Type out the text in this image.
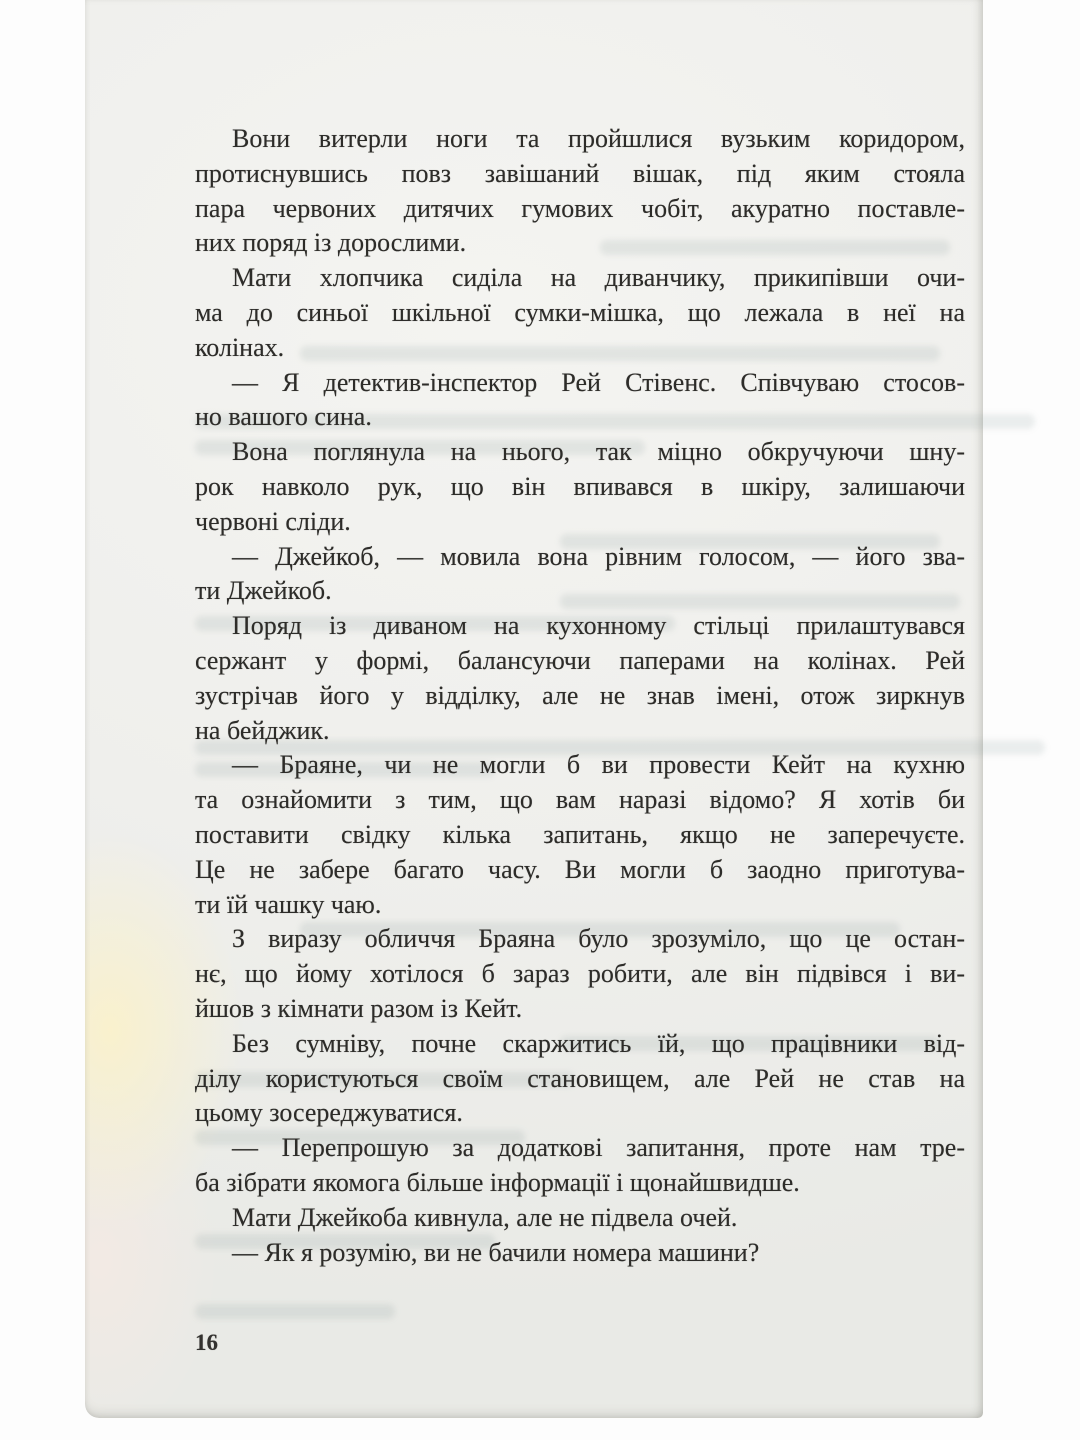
Вони витерли ноги та пройшлися вузьким коридором,
протиснувшись повз завішаний вішак, під яким стояла
пара червоних дитячих гумових чобіт, акуратно поставле-
них поряд із дорослими.
Мати хлопчика сиділа на диванчику, прикипівши очи-
ма до синьої шкільної сумки-мішка, що лежала в неї на
колінах.
— Я детектив-інспектор Рей Стівенс. Співчуваю стосов-
но вашого сина.
Вона поглянула на нього, так міцно обкручуючи шну-
рок навколо рук, що він впивався в шкіру, залишаючи
червоні сліди.
— Джейкоб, — мовила вона рівним голосом, — його зва-
ти Джейкоб.
Поряд із диваном на кухонному стільці прилаштувався
сержант у формі, балансуючи паперами на колінах. Рей
зустрічав його у відділку, але не знав імені, отож зиркнув
на бейджик.
— Браяне, чи не могли б ви провести Кейт на кухню
та ознайомити з тим, що вам наразі відомо? Я хотів би
поставити свідку кілька запитань, якщо не заперечуєте.
Це не забере багато часу. Ви могли б заодно приготува-
ти їй чашку чаю.
З виразу обличчя Браяна було зрозуміло, що це остан-
нє, що йому хотілося б зараз робити, але він підвівся і ви-
йшов з кімнати разом із Кейт.
Без сумніву, почне скаржитись їй, що працівники від-
ділу користуються своїм становищем, але Рей не став на
цьому зосереджуватися.
— Перепрошую за додаткові запитання, проте нам тре-
ба зібрати якомога більше інформації і щонайшвидше.
Мати Джейкоба кивнула, але не підвела очей.
— Як я розумію, ви не бачили номера машини?
16
